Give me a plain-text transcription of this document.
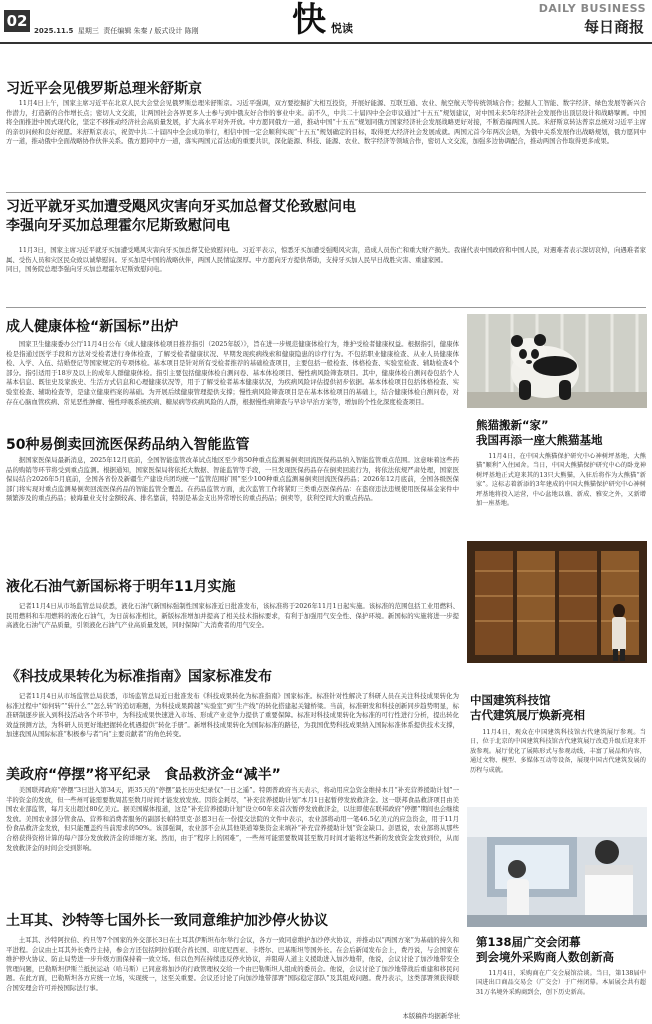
02
2025.11.5 星期三 责任编辑 朱秦 / 版式设计 陈刚	快 悦读
DAILY BUSINESS
每日商报
习近平会见俄罗斯总理米舒斯京
11月4日上午，国家主席习近平在北京人民大会堂会见俄罗斯总理米舒斯京。习近平强调，双方要挖掘扩大相互投资，开展好能源、互联互通、农业、航空航天等传统领域合作；挖掘人工智能、数字经济、绿色发展等新兴合作潜力，打造新的合作增长点；密切人文交流，让两国社会各界更多人士参与到中俄友好合作的事业中来。前不久，中共二十届四中全会审议通过“十五五”规划建议，对中国未来5年经济社会发展作出顶层设计和战略擘画。中国将全面推进中国式现代化，坚定不移推动经济社会高质量发展，扩大高水平对外开放。中方愿同俄方一道，推动中国“十五五”规划同俄方国家经济社会发展战略更好对接，不断造福两国人民。米舒斯京转达普京总统对习近平主席的亲切问候和良好祝愿。米舒斯京表示，祝贺中共二十届四中全会成功举行，相信中国一定会顺利实现“十五五”规划确定的目标，取得更大经济社会发展成就。两国元首今年两次会晤，为俄中关系发展作出战略规划，俄方愿同中方一道，推动俄中全面战略协作伙伴关系。俄方愿同中方一道，落实两国元首达成的重要共识，深化能源、科技、能源、农业、数字经济等领域合作，密切人文交流，加强多边协调配合，推动两国合作取得更多成果。
习近平就牙买加遭受飓风灾害向牙买加总督艾伦致慰问电
李强向牙买加总理霍尔尼斯致慰问电
11月3日，国家主席习近平就牙买加遭受飓风灾害向牙买加总督艾伦致慰问电。习近平表示，惊悉牙买加遭受强飓风灾害，造成人员伤亡和重大财产损失。我谨代表中国政府和中国人民，对遇难者表示深切哀悼，向遇难者家属、受伤人员和灾区民众致以诚挚慰问。牙买加是中国的战略伙伴，两国人民情谊深厚。中方愿向牙方提供帮助，支持牙买加人民早日战胜灾害、重建家园。
同日，国务院总理李强向牙买加总理霍尔尼斯致慰问电。
成人健康体检“新国标”出炉
国家卫生健康委办公厅11月4日公布《成人健康体检项目推荐指引（2025年版）》，旨在进一步规范健康体检行为，维护受检者健康权益。根据指引，健康体检是指通过医学手段和方法对受检者进行身体检查，了解受检者健康状况、早期发现疾病线索和健康隐患的诊疗行为。不包括职业健康检查、从业人员健康体检、入学、入伍、结婚登记等国家规定的专项体检。基本项目是针对所有受检者推荐的基础检查项目，主要包括一般检查、体格检查、实验室检查、辅助检查4个部分。指引适用于18岁及以上的成年人群健康体检。指引主要包括健康体检自测问卷、基本体检项目、慢性病风险筛查项目。其中，健康体检自测问卷包括个人基本信息、既往史及家族史、生活方式信息和心理健康状况等，用于了解受检者基本健康状况，为疾病风险评估提供初步依据。基本体检项目包括体格检查、实验室检查、辅助检查等，是建立健康档案的基础。为开展后续健康管理提供支撑；慢性病风险筛查项目是在基本体检项目的基础上，结合健康体检自测问卷，对存在心脑血管疾病、常见恶性肿瘤、慢性呼吸系统疾病、糖尿病等疾病风险的人群，根据慢性病筛查与早诊早治方案等，增加的个性化深度检查项目。
50种易倒卖回流医保药品纳入智能监管
据国家医保局最新消息，2025年12月底前，全国智能监管改革试点地区至少将50种重点监测易倒卖回流医保药品纳入智能监管重点范围。这意味着这些药品的购销等环节将受到重点监测。根据通知，国家医保局将依托大数据、智能监管等手段，一旦发现医保药品存在倒卖回流行为，将依法依规严肃处理，国家医保局结合2026年5月底前，全国各省份及新疆生产建设兵团均统一“监管范围扩围”至少100种重点监测易倒卖回流医保药品；2026年12月底前，全国各级医保部门将实现对重点监测易倒卖回流医保药品的智能监管全覆盖。在药品监管方面，此次监管工作将紧盯三类重点医保药品：在盗窃违法违规使用医保基金案件中频繁涉及的重点药品；被海量业支付金额较高、排名靠前，特别是基金支出异常增长的重点药品；倒卖等，获利空间大的重点药品。
液化石油气新国标将于明年11月实施
记者11月4日从市场监管总局获悉，液化石油气新国标强制性国家标准近日批准发布，该标准将于2026年11月1日起实施。该标准的范围包括工业用燃料、民用燃料和车用燃料的液化石油气，为日前标准相比，新版标准增加并提高了相关技术指标要求，有利于加强用气安全性、保护环境。新国标的实施将进一步提高液化石油气产品质量，引领液化石油气产业高质量发展，同时保障广大消费者的用气安全。
《科技成果转化为标准指南》国家标准发布
记者11月4日从市场监管总局获悉，市场监管总局近日批准发布《科技成果转化为标准指南》国家标准。标准针对性解决了科研人员在关注科技成果转化为标准过程中“如何转”“转什么”“怎么转”的追切难题，为科技成果跨越“实验室”到“生产线”的转化搭建起关键桥梁。当前，标准研发和科技创新同步趋势明显，标准研制逐步嵌入到科技活动各个环节中，为科技成果快速进入市场、形成产业竞争力提供了重要保障。标准对科技成果转化为标准的可行性进行分析，提出转化效益预测方法，为科研人员更好地把握转化机遇提供“转化手册”。新增科技成果转化为国际标准的路径，为我国优势科技成果纳入国际标准体系提供技术支撑，加速我国从国际标准“积极参与者”向“主要贡献者”的角色转变。
美政府“停摆”将平纪录　食品救济金“减半”
美国联邦政府“停摆”3日进入第34天，距35天的“停摆”最长历史纪录仅“一日之遥”。特朗普政府当天表示，将动用应急资金维持本月“补充营养援助计划”一半的资金的发放，但一些州可能需要数周甚至数月时间才能发放发放。因资金耗尽，“补充营养援助计划”本月1日起暂停发放救济金。这一联邦食品救济项目由美国农业部监管，每月支出超过80亿美元。据美国媒体报道，这是“补充营养援助计划”设立60年来首次暂停发放救济金，以往即使在联邦政府“停摆”期间也会继续发放。美国农业部分管食品、营养和消费者服务的副部长帕特里克·彭恩3日在一份提交法院的文件中表示，农业部将动用一笔46.5亿美元的应急资金，用于11月份食品救济金发放，但只能覆盖约当前需求的50%。该部强调，农业部不会从其他渠道筹集资金来填补“补充营养援助计划”资金缺口。彭恩说，农业部将从那些合格获得资格计算的每户部分发放救济金的详细方案。然而，由于“程序上的困难”，一些州可能需要数周甚至数月时间才能将这些新的发放资金发放到位，从而发放救济金的时间会受到影响。
土耳其、沙特等七国外长一致同意维护加沙停火协议
土耳其、沙特阿拉伯、约旦等7个国家的外交部长3日在土耳其伊斯坦布尔举行会议，各方一致同意维护加沙停火协议，并推动以“两国方案”为基础的持久和平进程。会议由土耳其外长费丹主持，参会方还包括阿拉伯联合酋长国、印度尼西亚、卡塔尔、巴基斯坦等国外长。在会后新闻发布会上，费丹说，与会国家在维护停火协议、防止局势进一步升级方面保持着一致立场。但以色列在持续违反停火协议，并阻碍人道主义援助进入加沙地带，他说，会议讨论了加沙地带安全管理问题，巴勒斯坦伊斯兰抵抗运动（哈马斯）已同意将加沙的行政管理权交给一个由巴勒斯坦人组成的委员会。他说，会议讨论了加沙地带战后重建和移民问题。在此方面，巴勒斯坦各方应统一立场，实现统一，这至关重要。会议还讨论了向加沙地带部署“国际稳定部队”及其组成问题。费丹表示，这类部署须获得联合国安理会许可并按国际法行事。
本版稿件均据新华社
熊猫搬新“家”
我国再添一座大熊猫基地
11月4日，在中国大熊猫保护研究中心神树坪基地，大熊猫“顺利”入住园舍。当日，中国大熊猫保护研究中心的卧龙神树坪基地正式迎来其的13只大熊猫，入驻后将作为大熊猫“新家”。这标志着新添的3年建成的中国大熊猫保护研究中心神树坪基地将投入运营，中心盆地以谯、新成、雅安之外，又新增加一座基地。
中国建筑科技馆
古代建筑展厅焕新亮相
11月4日，观众在中国建筑科技馆古代建筑展厅参观。当日，位于北京的中国建筑科技馆古代建筑展厅改造升级后迎来开放参观。展厅优化了展陈形式与参观动线，丰富了展品和内容，通过文物、模型、多媒体互动等设备，展现中国古代建筑发展的历程与成就。
第138届广交会闭幕
到会境外采购商人数创新高
11月4日，采购商在广交会展馆洽谈。当日，第138届中国进出口商品交易会（广交会）于广州闭幕。本届展会共有超31万名境外采购商到会，创下历史新高。
